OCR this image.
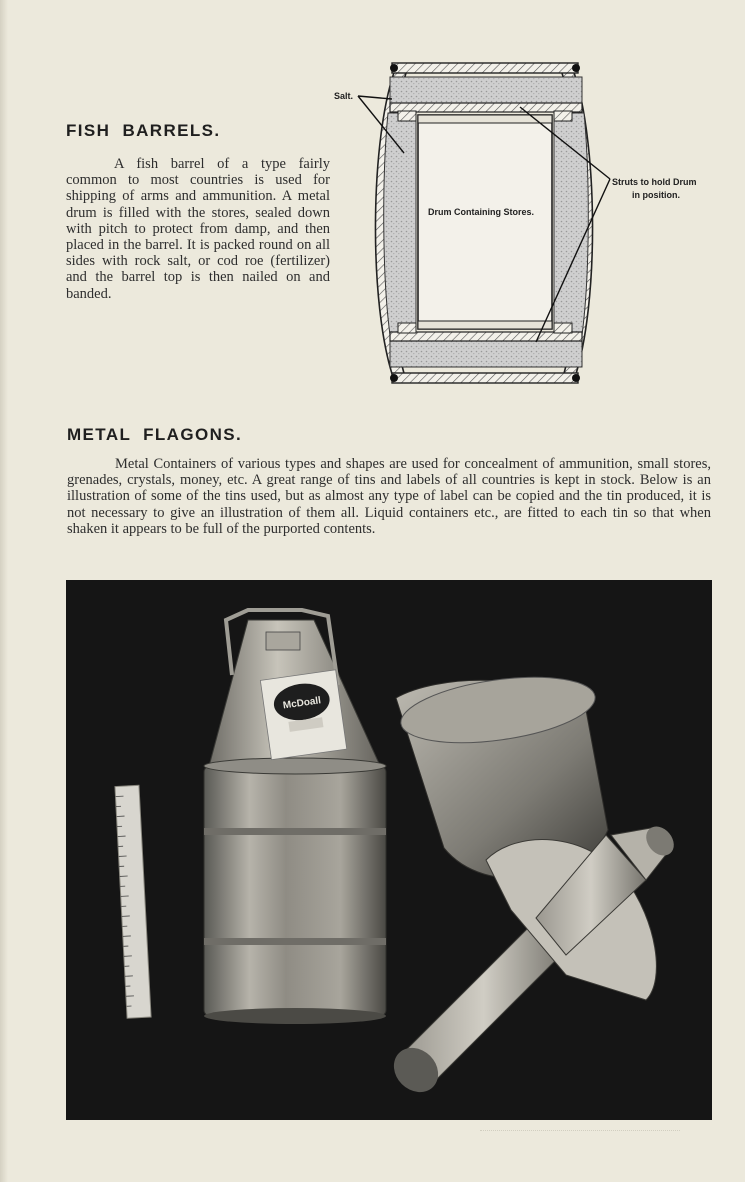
FISH BARRELS.

A fish barrel of a type fairly common to most countries is used for shipping of arms and ammunition. A metal drum is filled with the stores, sealed down with pitch to protect from damp, and then placed in the barrel. It is packed round on all sides with rock salt, or cod roe (fertilizer) and the barrel top is then nailed on and banded.

Salt.
Drum Containing Stores.
Struts to hold Drum
in position.
METAL FLAGONS.

Metal Containers of various types and shapes are used for concealment of ammunition, small stores, grenades, crystals, money, etc. A great range of tins and labels of all countries is kept in stock. Below is an illustration of some of the tins used, but as almost any type of label can be copied and the tin produced, it is not necessary to give an illustration of them all. Liquid containers etc., are fitted to each tin so that when shaken it appears to be full of the purported contents.

McDoall
